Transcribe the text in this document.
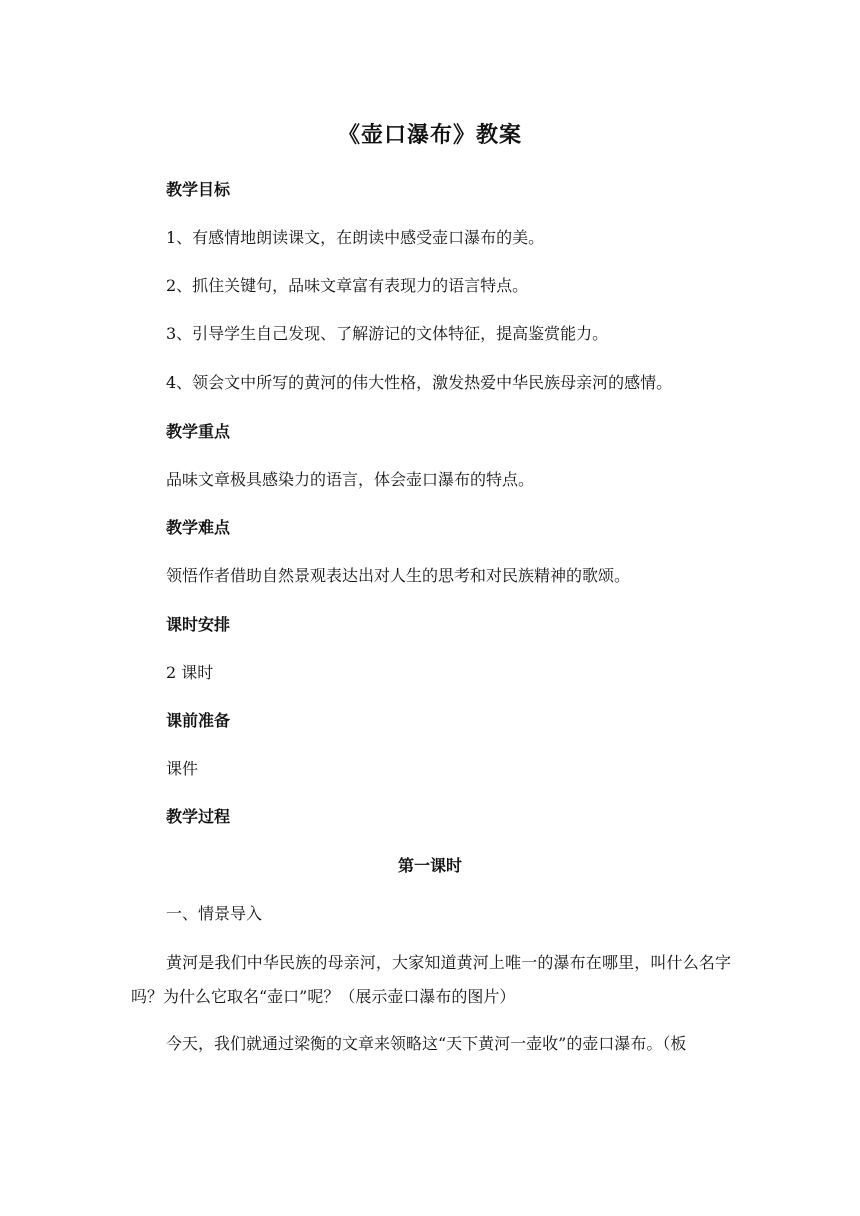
《壶口瀑布》教案
教学目标
1、有感情地朗读课文，在朗读中感受壶口瀑布的美。
2、抓住关键句，品味文章富有表现力的语言特点。
3、引导学生自己发现、了解游记的文体特征，提高鉴赏能力。
4、领会文中所写的黄河的伟大性格，激发热爱中华民族母亲河的感情。
教学重点
品味文章极具感染力的语言，体会壶口瀑布的特点。
教学难点
领悟作者借助自然景观表达出对人生的思考和对民族精神的歌颂。
课时安排
2 课时
课前准备
课件
教学过程
第一课时
一、情景导入
黄河是我们中华民族的母亲河，大家知道黄河上唯一的瀑布在哪里，叫什么名字吗？为什么它取名“壶口”呢？（展示壶口瀑布的图片）
今天，我们就通过梁衡的文章来领略这“天下黄河一壶收”的壶口瀑布。（板
